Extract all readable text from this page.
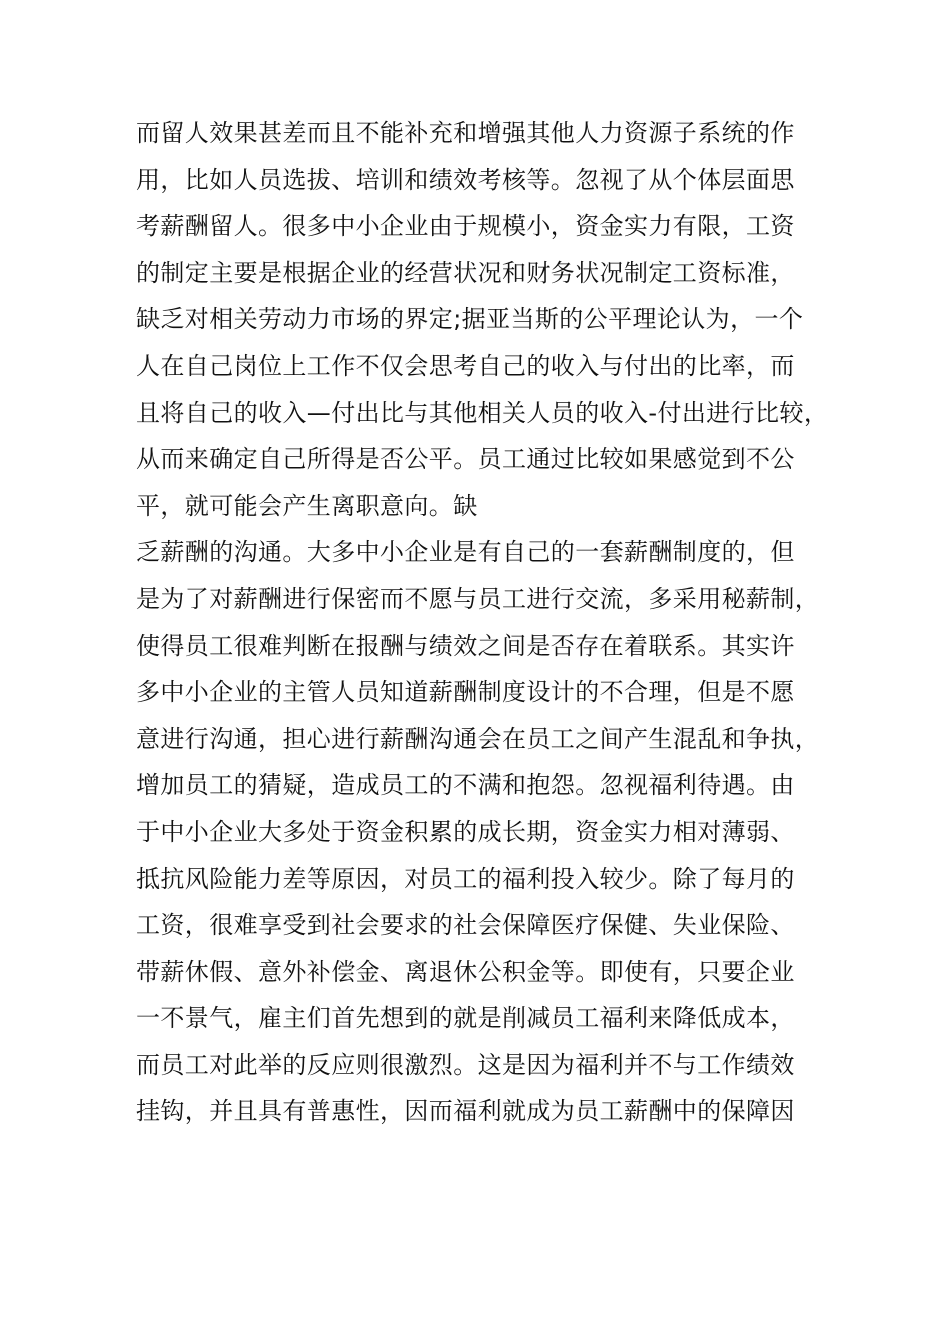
而留人效果甚差而且不能补充和增强其他人力资源子系统的作
用，比如人员选拔、培训和绩效考核等。忽视了从个体层面思
考薪酬留人。很多中小企业由于规模小，资金实力有限，工资
的制定主要是根据企业的经营状况和财务状况制定工资标准，
缺乏对相关劳动力市场的界定;据亚当斯的公平理论认为，一个
人在自己岗位上工作不仅会思考自己的收入与付出的比率，而
且将自己的收入—付出比与其他相关人员的收入-付出进行比较，
从而来确定自己所得是否公平。员工通过比较如果感觉到不公
平，就可能会产生离职意向。缺
乏薪酬的沟通。大多中小企业是有自己的一套薪酬制度的，但
是为了对薪酬进行保密而不愿与员工进行交流，多采用秘薪制，
使得员工很难判断在报酬与绩效之间是否存在着联系。其实许
多中小企业的主管人员知道薪酬制度设计的不合理，但是不愿
意进行沟通，担心进行薪酬沟通会在员工之间产生混乱和争执，
增加员工的猜疑，造成员工的不满和抱怨。忽视福利待遇。由
于中小企业大多处于资金积累的成长期，资金实力相对薄弱、
抵抗风险能力差等原因，对员工的福利投入较少。除了每月的
工资，很难享受到社会要求的社会保障医疗保健、失业保险、
带薪休假、意外补偿金、离退休公积金等。即使有，只要企业
一不景气，雇主们首先想到的就是削减员工福利来降低成本，
而员工对此举的反应则很激烈。这是因为福利并不与工作绩效
挂钩，并且具有普惠性，因而福利就成为员工薪酬中的保障因
